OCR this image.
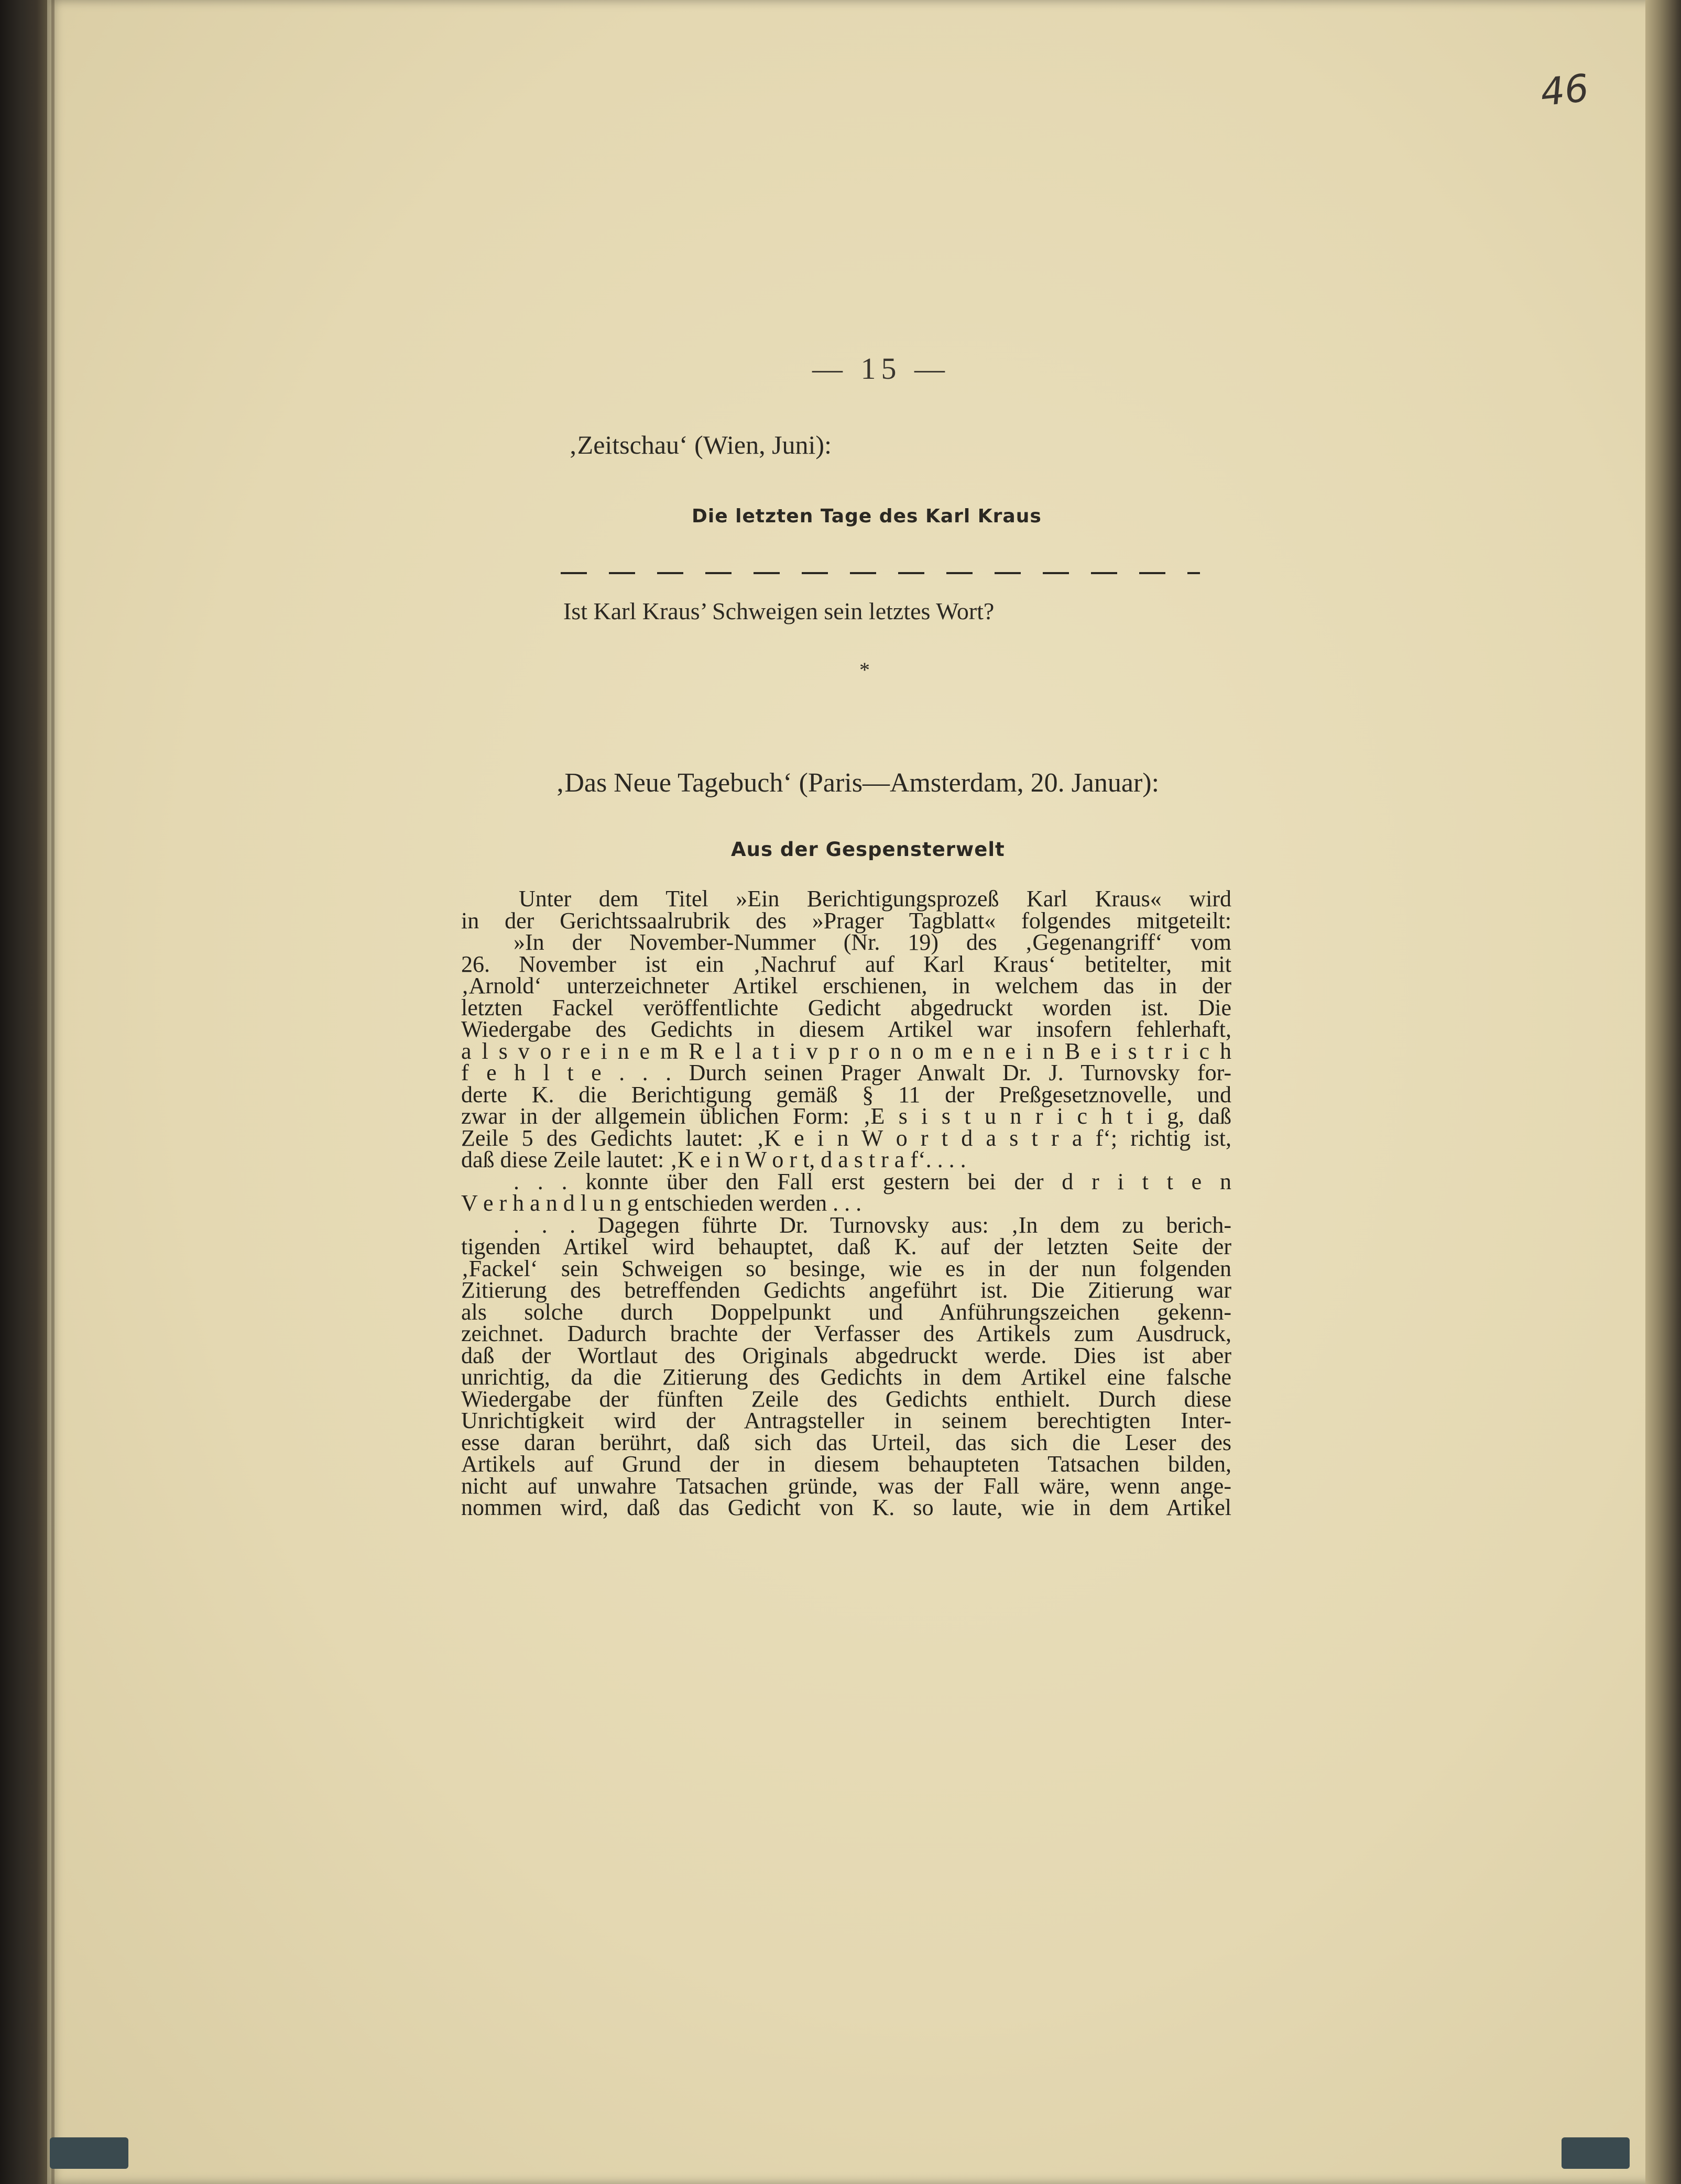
46
— 15 —
‚Zeitschau‘ (Wien, Juni):
Die letzten Tage des Karl Kraus
Ist Karl Kraus’ Schweigen sein letztes Wort?
*
‚Das Neue Tagebuch‘ (Paris—Amsterdam, 20. Januar):
Aus der Gespensterwelt
Unter dem Titel »Ein Berichtigungsprozeß Karl Kraus« wird
in der Gerichtssaalrubrik des »Prager Tagblatt« folgendes mitgeteilt:
»In der November-Nummer (Nr. 19) des ‚Gegenangriff‘ vom
26. November ist ein ‚Nachruf auf Karl Kraus‘ betitelter, mit
‚Arnold‘ unterzeichneter Artikel erschienen, in welchem das in der
letzten Fackel veröffentlichte Gedicht abgedruckt worden ist. Die
Wiedergabe des Gedichts in diesem Artikel war insofern fehlerhaft,
a l s v o r e i n e m R e l a t i v p r o n o m e n e i n B e i s t r i c h
f e h l t e . . . Durch seinen Prager Anwalt Dr. J. Turnovsky for-
derte K. die Berichtigung gemäß § 11 der Preßgesetznovelle, und
zwar in der allgemein üblichen Form: ‚E s i s t u n r i c h t i g, daß
Zeile 5 des Gedichts lautet: ‚K e i n W o r t d a s t r a f‘; richtig ist,
daß diese Zeile lautet: ‚K e i n W o r t, d a s t r a f‘. . . .
. . . konnte über den Fall erst gestern bei der d r i t t e n
V e r h a n d l u n g entschieden werden . . .
. . . Dagegen führte Dr. Turnovsky aus: ‚In dem zu berich-
tigenden Artikel wird behauptet, daß K. auf der letzten Seite der
‚Fackel‘ sein Schweigen so besinge, wie es in der nun folgenden
Zitierung des betreffenden Gedichts angeführt ist. Die Zitierung war
als solche durch Doppelpunkt und Anführungszeichen gekenn-
zeichnet. Dadurch brachte der Verfasser des Artikels zum Ausdruck,
daß der Wortlaut des Originals abgedruckt werde. Dies ist aber
unrichtig, da die Zitierung des Gedichts in dem Artikel eine falsche
Wiedergabe der fünften Zeile des Gedichts enthielt. Durch diese
Unrichtigkeit wird der Antragsteller in seinem berechtigten Inter-
esse daran berührt, daß sich das Urteil, das sich die Leser des
Artikels auf Grund der in diesem behaupteten Tatsachen bilden,
nicht auf unwahre Tatsachen gründe, was der Fall wäre, wenn ange-
nommen wird, daß das Gedicht von K. so laute, wie in dem Artikel
